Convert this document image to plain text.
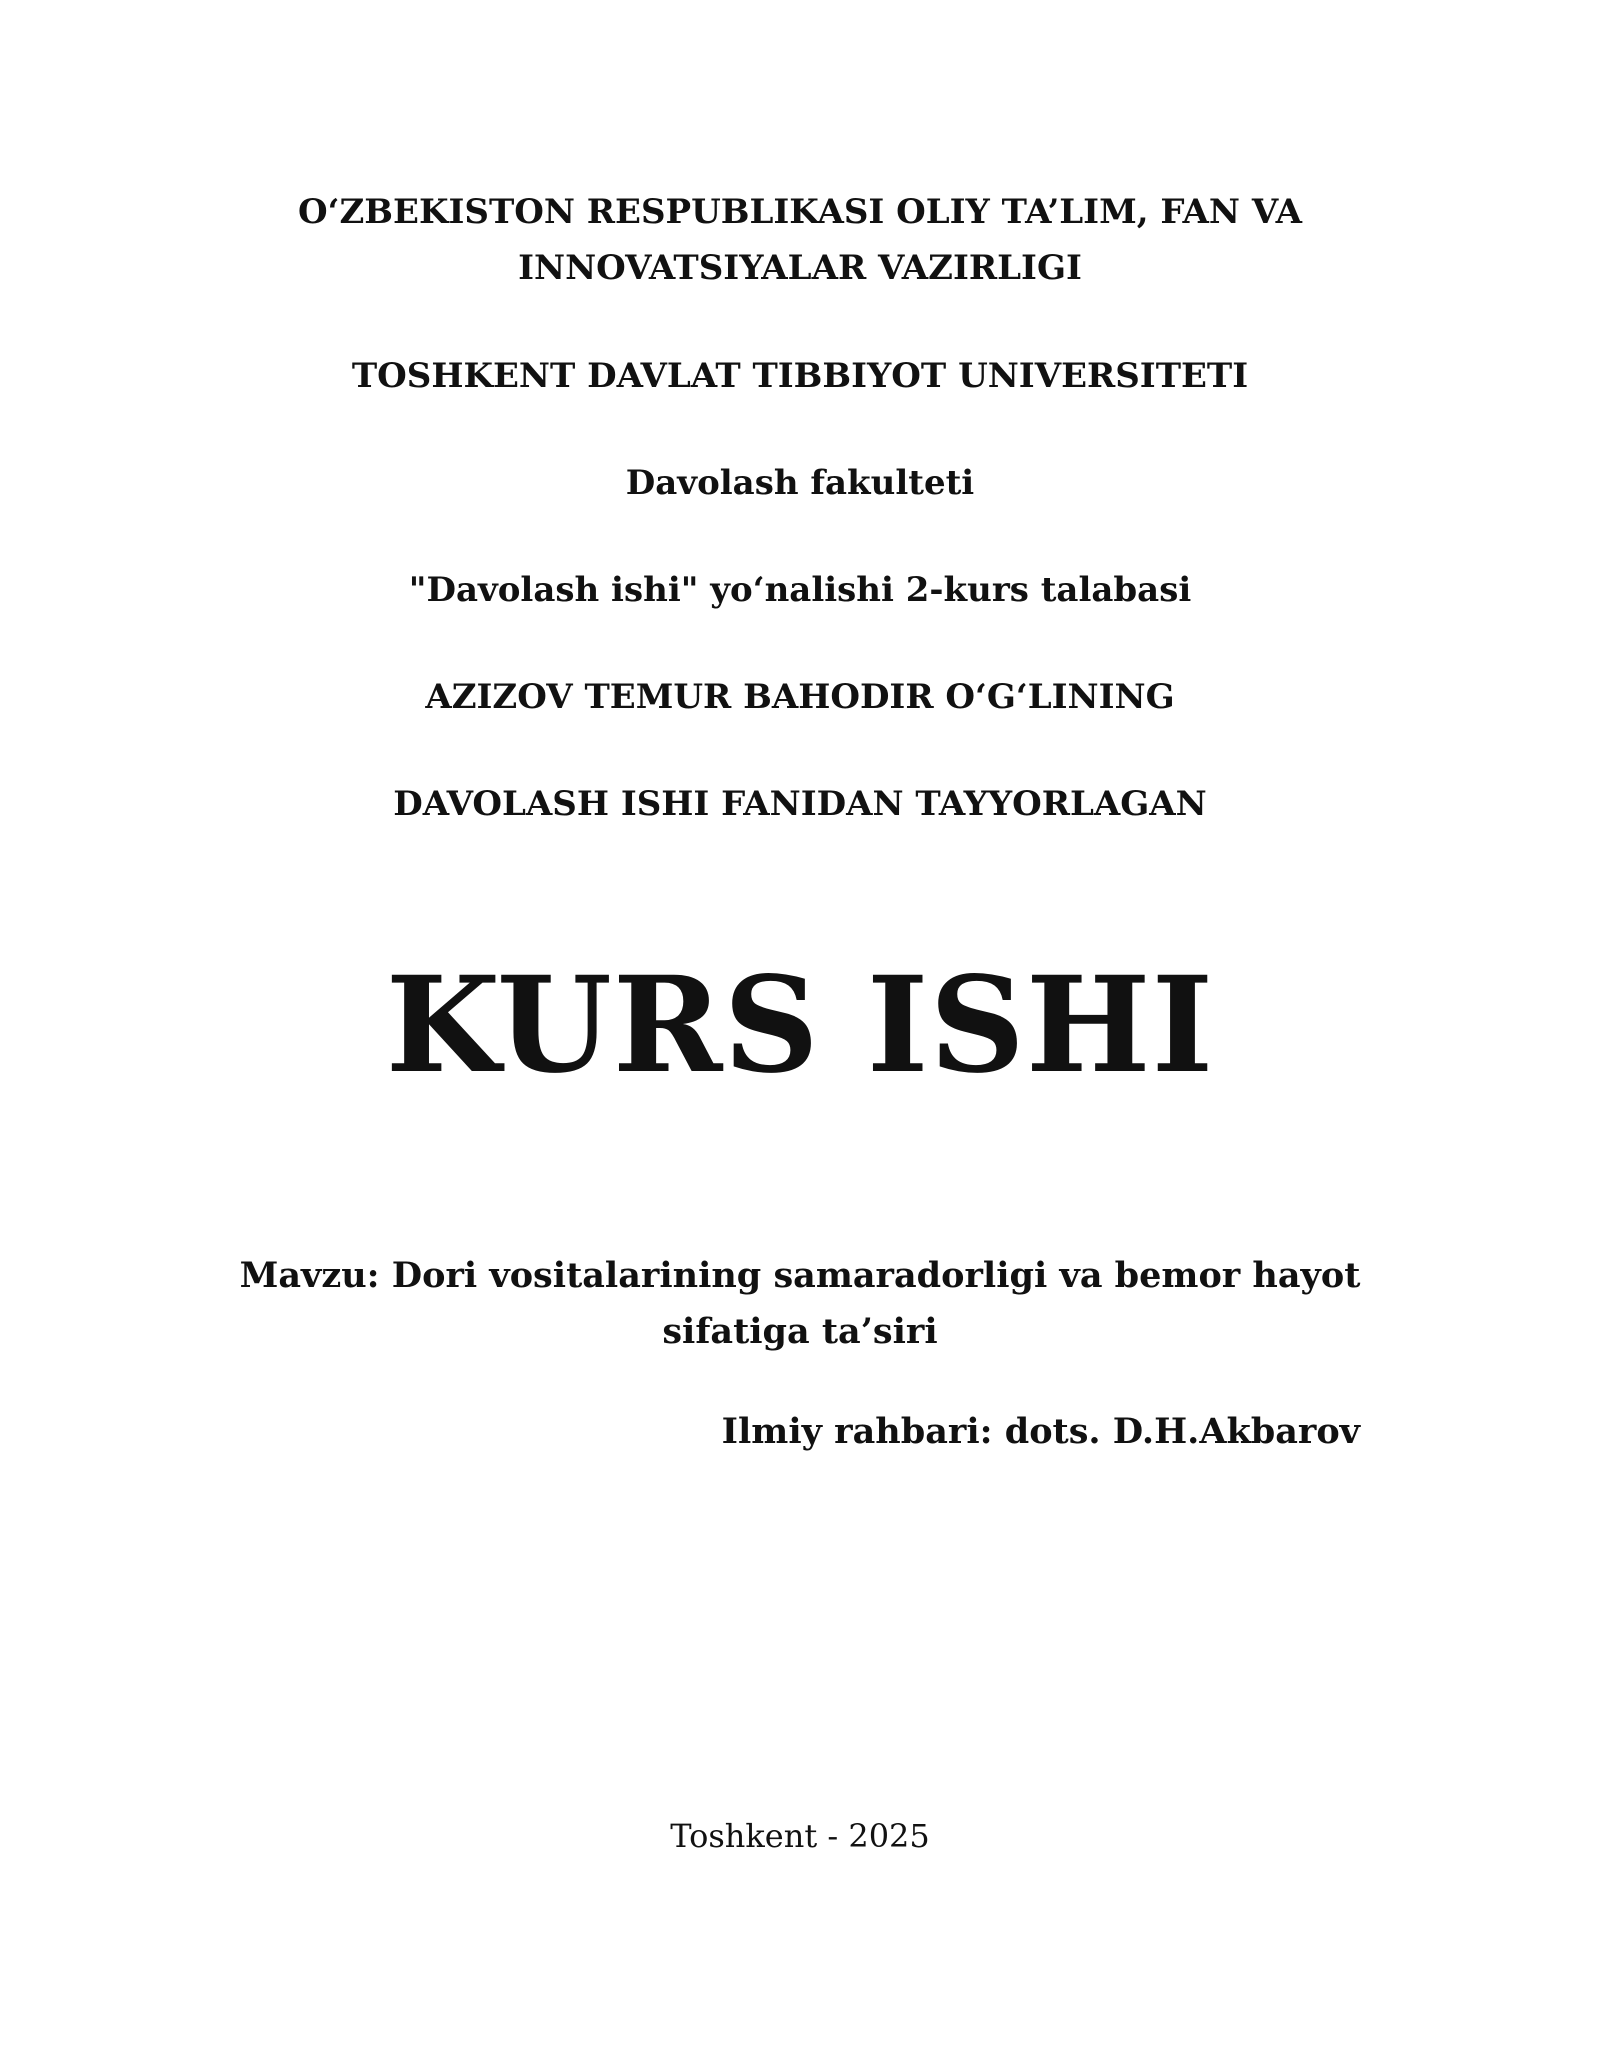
O‘ZBEKISTON RESPUBLIKASI OLIY TA’LIM, FAN VA
INNOVATSIYALAR VAZIRLIGI

TOSHKENT DAVLAT TIBBIYOT UNIVERSITETI

Davolash fakulteti

"Davolash ishi" yo‘nalishi 2-kurs talabasi

AZIZOV TEMUR BAHODIR O‘G‘LINING

DAVOLASH ISHI FANIDAN TAYYORLAGAN

KURS ISHI
Mavzu: Dori vositalarining samaradorligi va bemor hayot
sifatiga ta’siri

Ilmiy rahbari: dots. D.H.Akbarov

Toshkent - 2025
